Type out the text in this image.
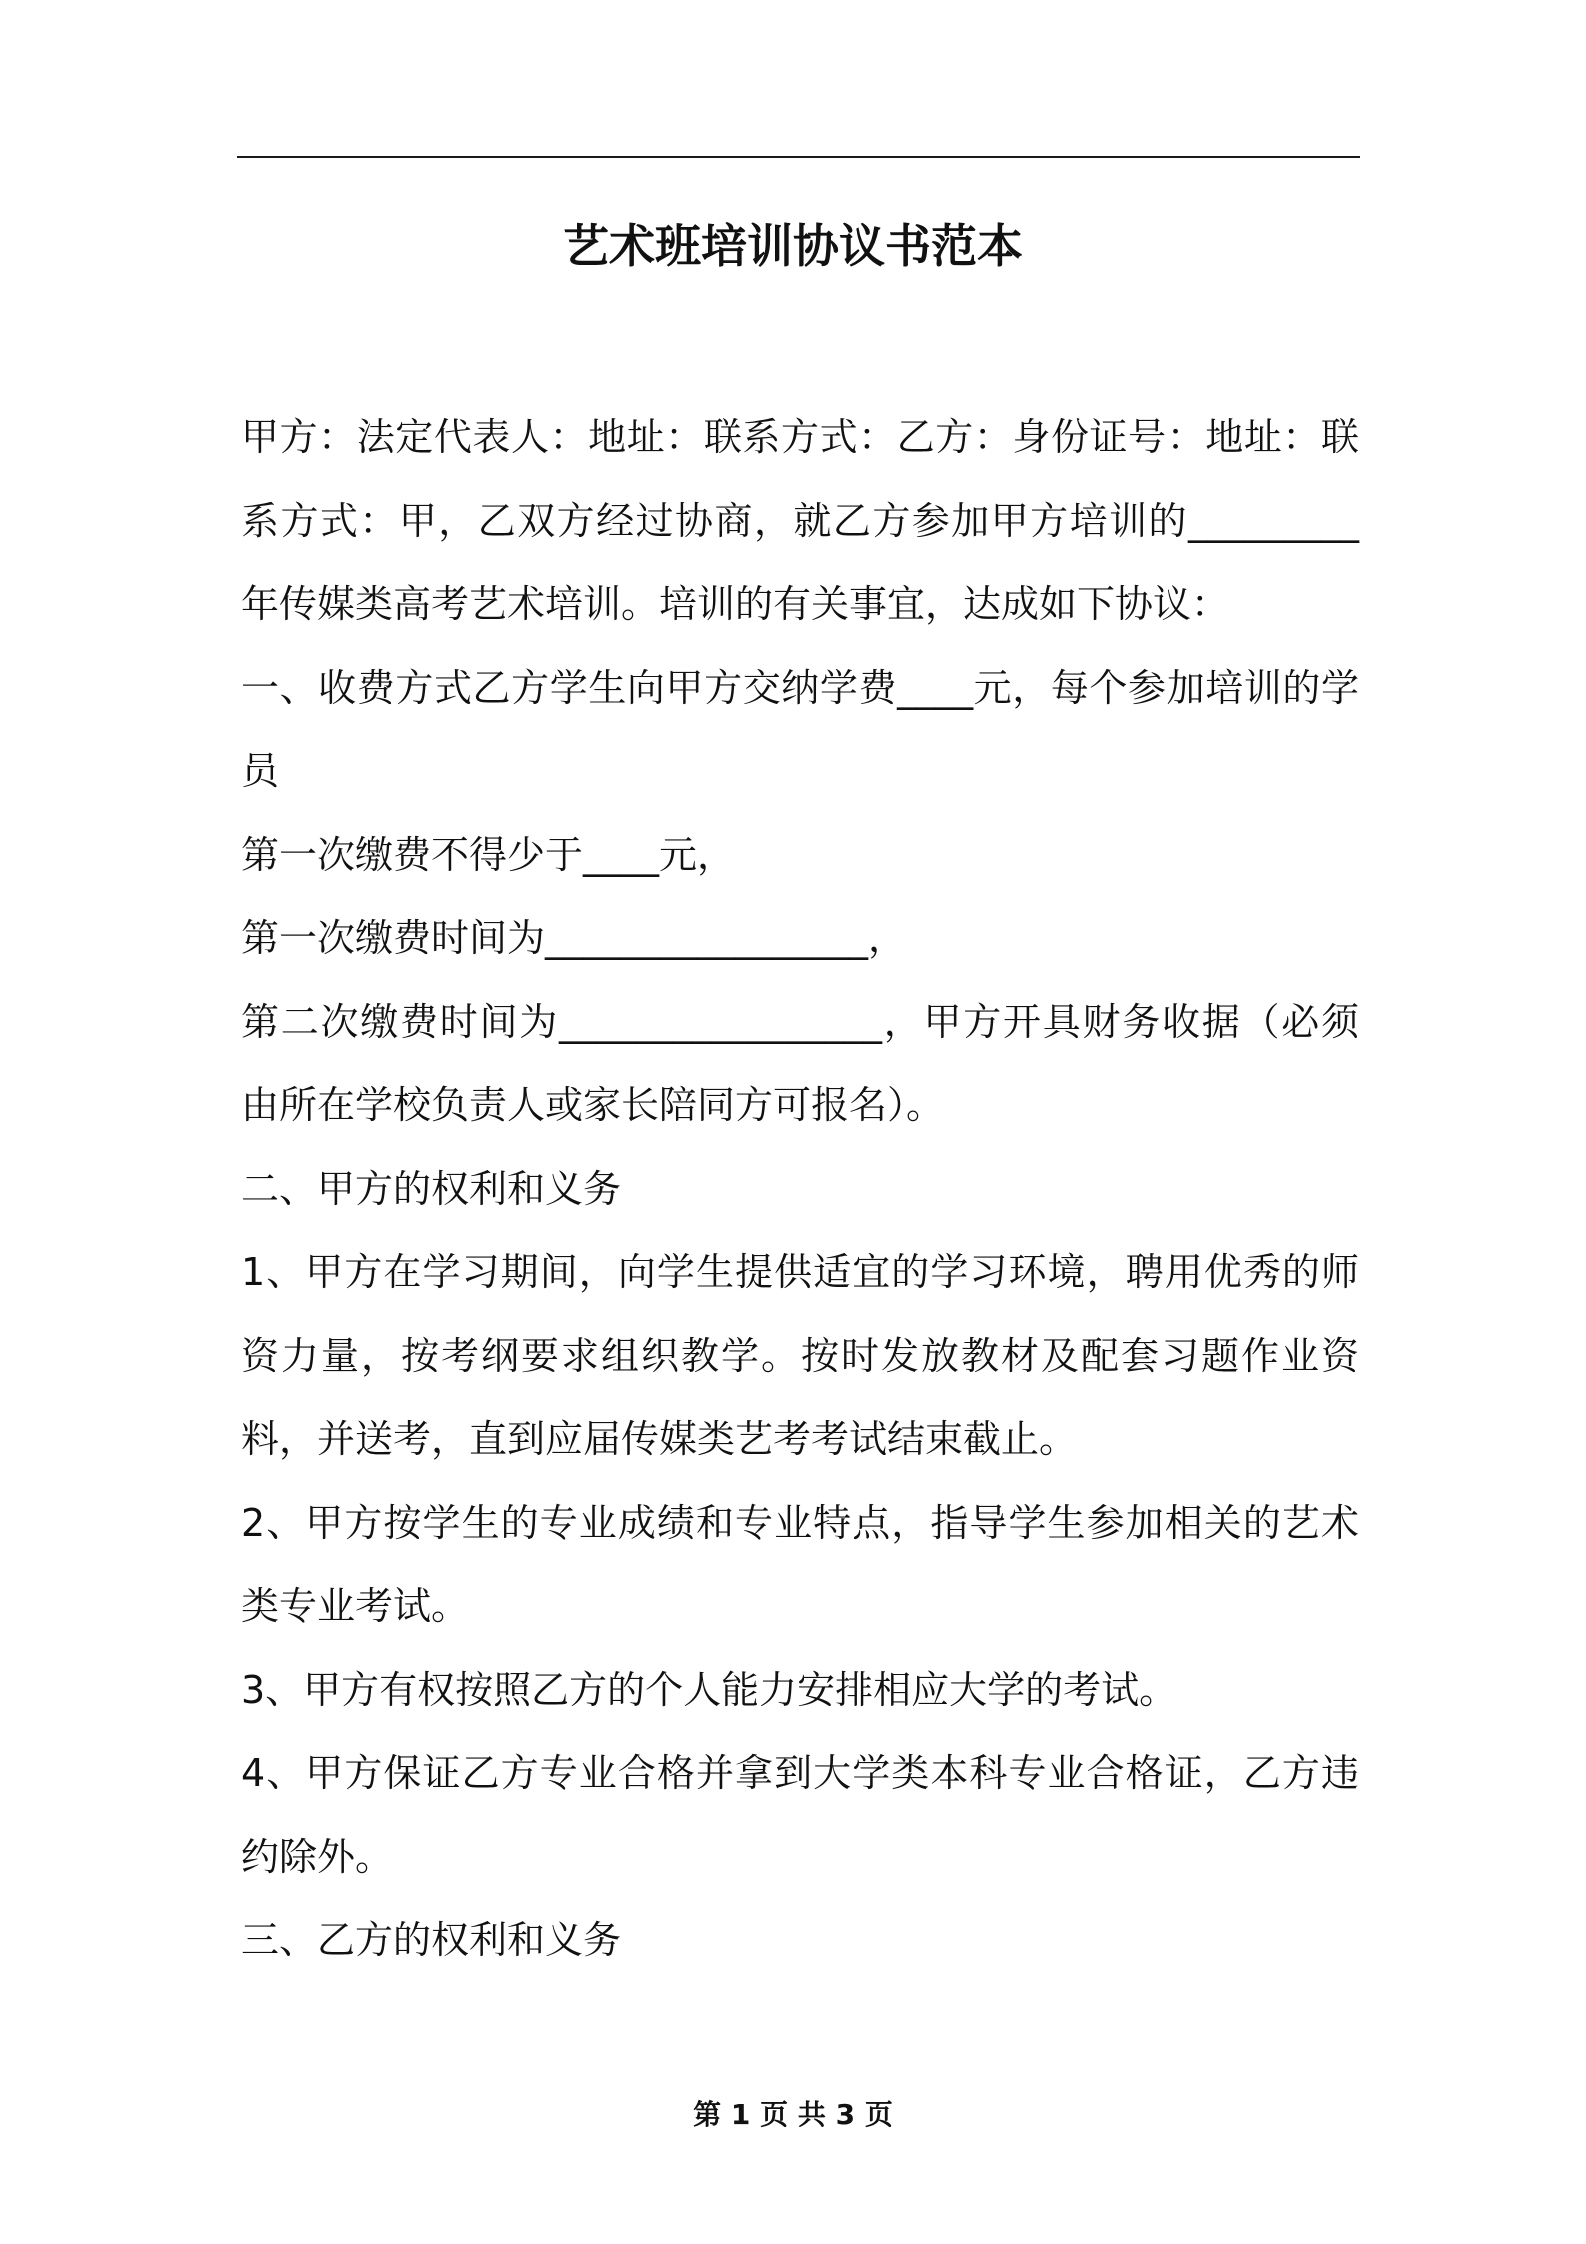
艺术班培训协议书范本

甲方：法定代表人：地址：联系方式：乙方：身份证号：地址：联系方式：甲，乙双方经过协商，就乙方参加甲方培训的_________年传媒类高考艺术培训。培训的有关事宜，达成如下协议：

一、收费方式乙方学生向甲方交纳学费____元，每个参加培训的学员

第一次缴费不得少于____元，

第一次缴费时间为_________________，

第二次缴费时间为_________________，甲方开具财务收据（必须由所在学校负责人或家长陪同方可报名）。

二、甲方的权利和义务

1、甲方在学习期间，向学生提供适宜的学习环境，聘用优秀的师资力量，按考纲要求组织教学。按时发放教材及配套习题作业资料，并送考，直到应届传媒类艺考考试结束截止。

2、甲方按学生的专业成绩和专业特点，指导学生参加相关的艺术类专业考试。

3、甲方有权按照乙方的个人能力安排相应大学的考试。

4、甲方保证乙方专业合格并拿到大学类本科专业合格证，乙方违约除外。

三、乙方的权利和义务

第 1 页 共 3 页
